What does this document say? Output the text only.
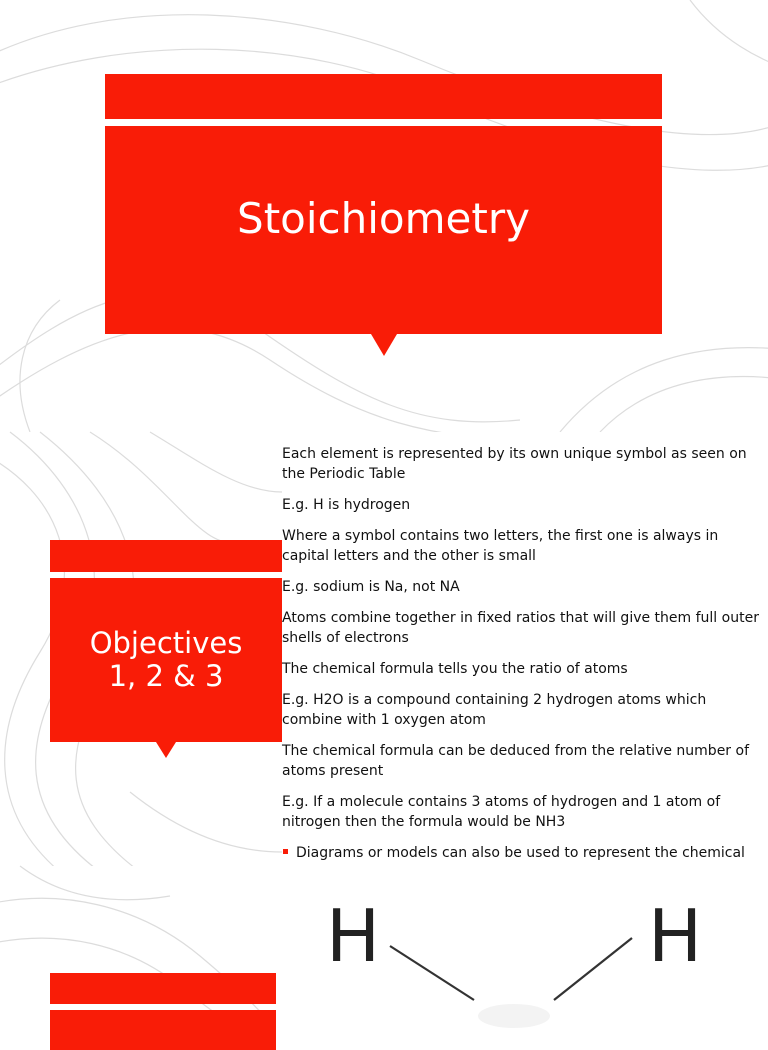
Stoichiometry
Objectives
1, 2 & 3

Each element is represented by its own unique symbol as seen on the Periodic Table

E.g. H is hydrogen

Where a symbol contains two letters, the first one is always in capital letters and the other is small

E.g. sodium is Na, not NA

Atoms combine together in fixed ratios that will give them full outer shells of electrons

The chemical formula tells you the ratio of atoms

E.g. H2O is a compound containing 2 hydrogen atoms which combine with 1 oxygen atom

The chemical formula can be deduced from the relative number of atoms present

E.g. If a molecule contains 3 atoms of hydrogen and 1 atom of nitrogen then the formula would be NH3

Diagrams or models can also be used to represent the chemical
H	H
